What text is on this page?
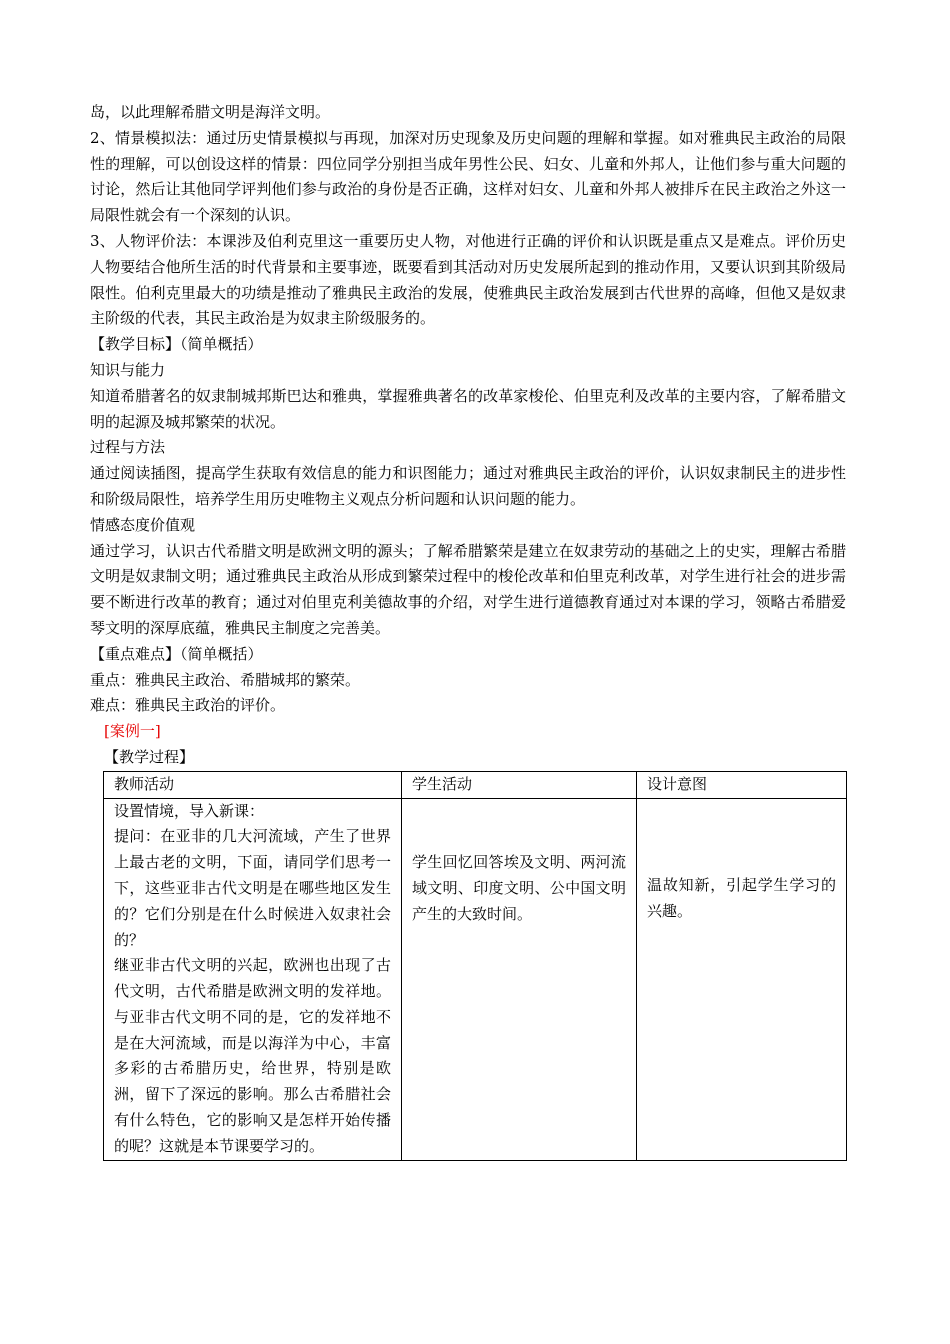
岛，以此理解希腊文明是海洋文明。

2、情景模拟法：通过历史情景模拟与再现，加深对历史现象及历史问题的理解和掌握。如对雅典民主政治的局限性的理解，可以创设这样的情景：四位同学分别担当成年男性公民、妇女、儿童和外邦人，让他们参与重大问题的讨论，然后让其他同学评判他们参与政治的身份是否正确，这样对妇女、儿童和外邦人被排斥在民主政治之外这一局限性就会有一个深刻的认识。

3、人物评价法：本课涉及伯利克里这一重要历史人物，对他进行正确的评价和认识既是重点又是难点。评价历史人物要结合他所生活的时代背景和主要事迹，既要看到其活动对历史发展所起到的推动作用，又要认识到其阶级局限性。伯利克里最大的功绩是推动了雅典民主政治的发展，使雅典民主政治发展到古代世界的高峰，但他又是奴隶主阶级的代表，其民主政治是为奴隶主阶级服务的。

【教学目标】（简单概括）

知识与能力

知道希腊著名的奴隶制城邦斯巴达和雅典，掌握雅典著名的改革家梭伦、伯里克利及改革的主要内容，了解希腊文明的起源及城邦繁荣的状况。

过程与方法

通过阅读插图，提高学生获取有效信息的能力和识图能力；通过对雅典民主政治的评价，认识奴隶制民主的进步性和阶级局限性，培养学生用历史唯物主义观点分析问题和认识问题的能力。

情感态度价值观

通过学习，认识古代希腊文明是欧洲文明的源头；了解希腊繁荣是建立在奴隶劳动的基础之上的史实，理解古希腊文明是奴隶制文明；通过雅典民主政治从形成到繁荣过程中的梭伦改革和伯里克利改革，对学生进行社会的进步需要不断进行改革的教育；通过对伯里克利美德故事的介绍，对学生进行道德教育通过对本课的学习，领略古希腊爱琴文明的深厚底蕴，雅典民主制度之完善美。

【重点难点】（简单概括）

重点：雅典民主政治、希腊城邦的繁荣。

难点：雅典民主政治的评价。

[案例一]

【教学过程】

教师活动	学生活动	设计意图
设置情境，导入新课：
提问：在亚非的几大河流域，产生了世界上最古老的文明，下面，请同学们思考一下，这些亚非古代文明是在哪些地区发生的？它们分别是在什么时候进入奴隶社会的？
继亚非古代文明的兴起，欧洲也出现了古代文明，古代希腊是欧洲文明的发祥地。与亚非古代文明不同的是，它的发祥地不是在大河流域，而是以海洋为中心，丰富多彩的古希腊历史，给世界，特别是欧洲，留下了深远的影响。那么古希腊社会有什么特色，它的影响又是怎样开始传播的呢？这就是本节课要学习的。	学生回忆回答埃及文明、两河流域文明、印度文明、公中国文明产生的大致时间。	温故知新，引起学生学习的兴趣。
